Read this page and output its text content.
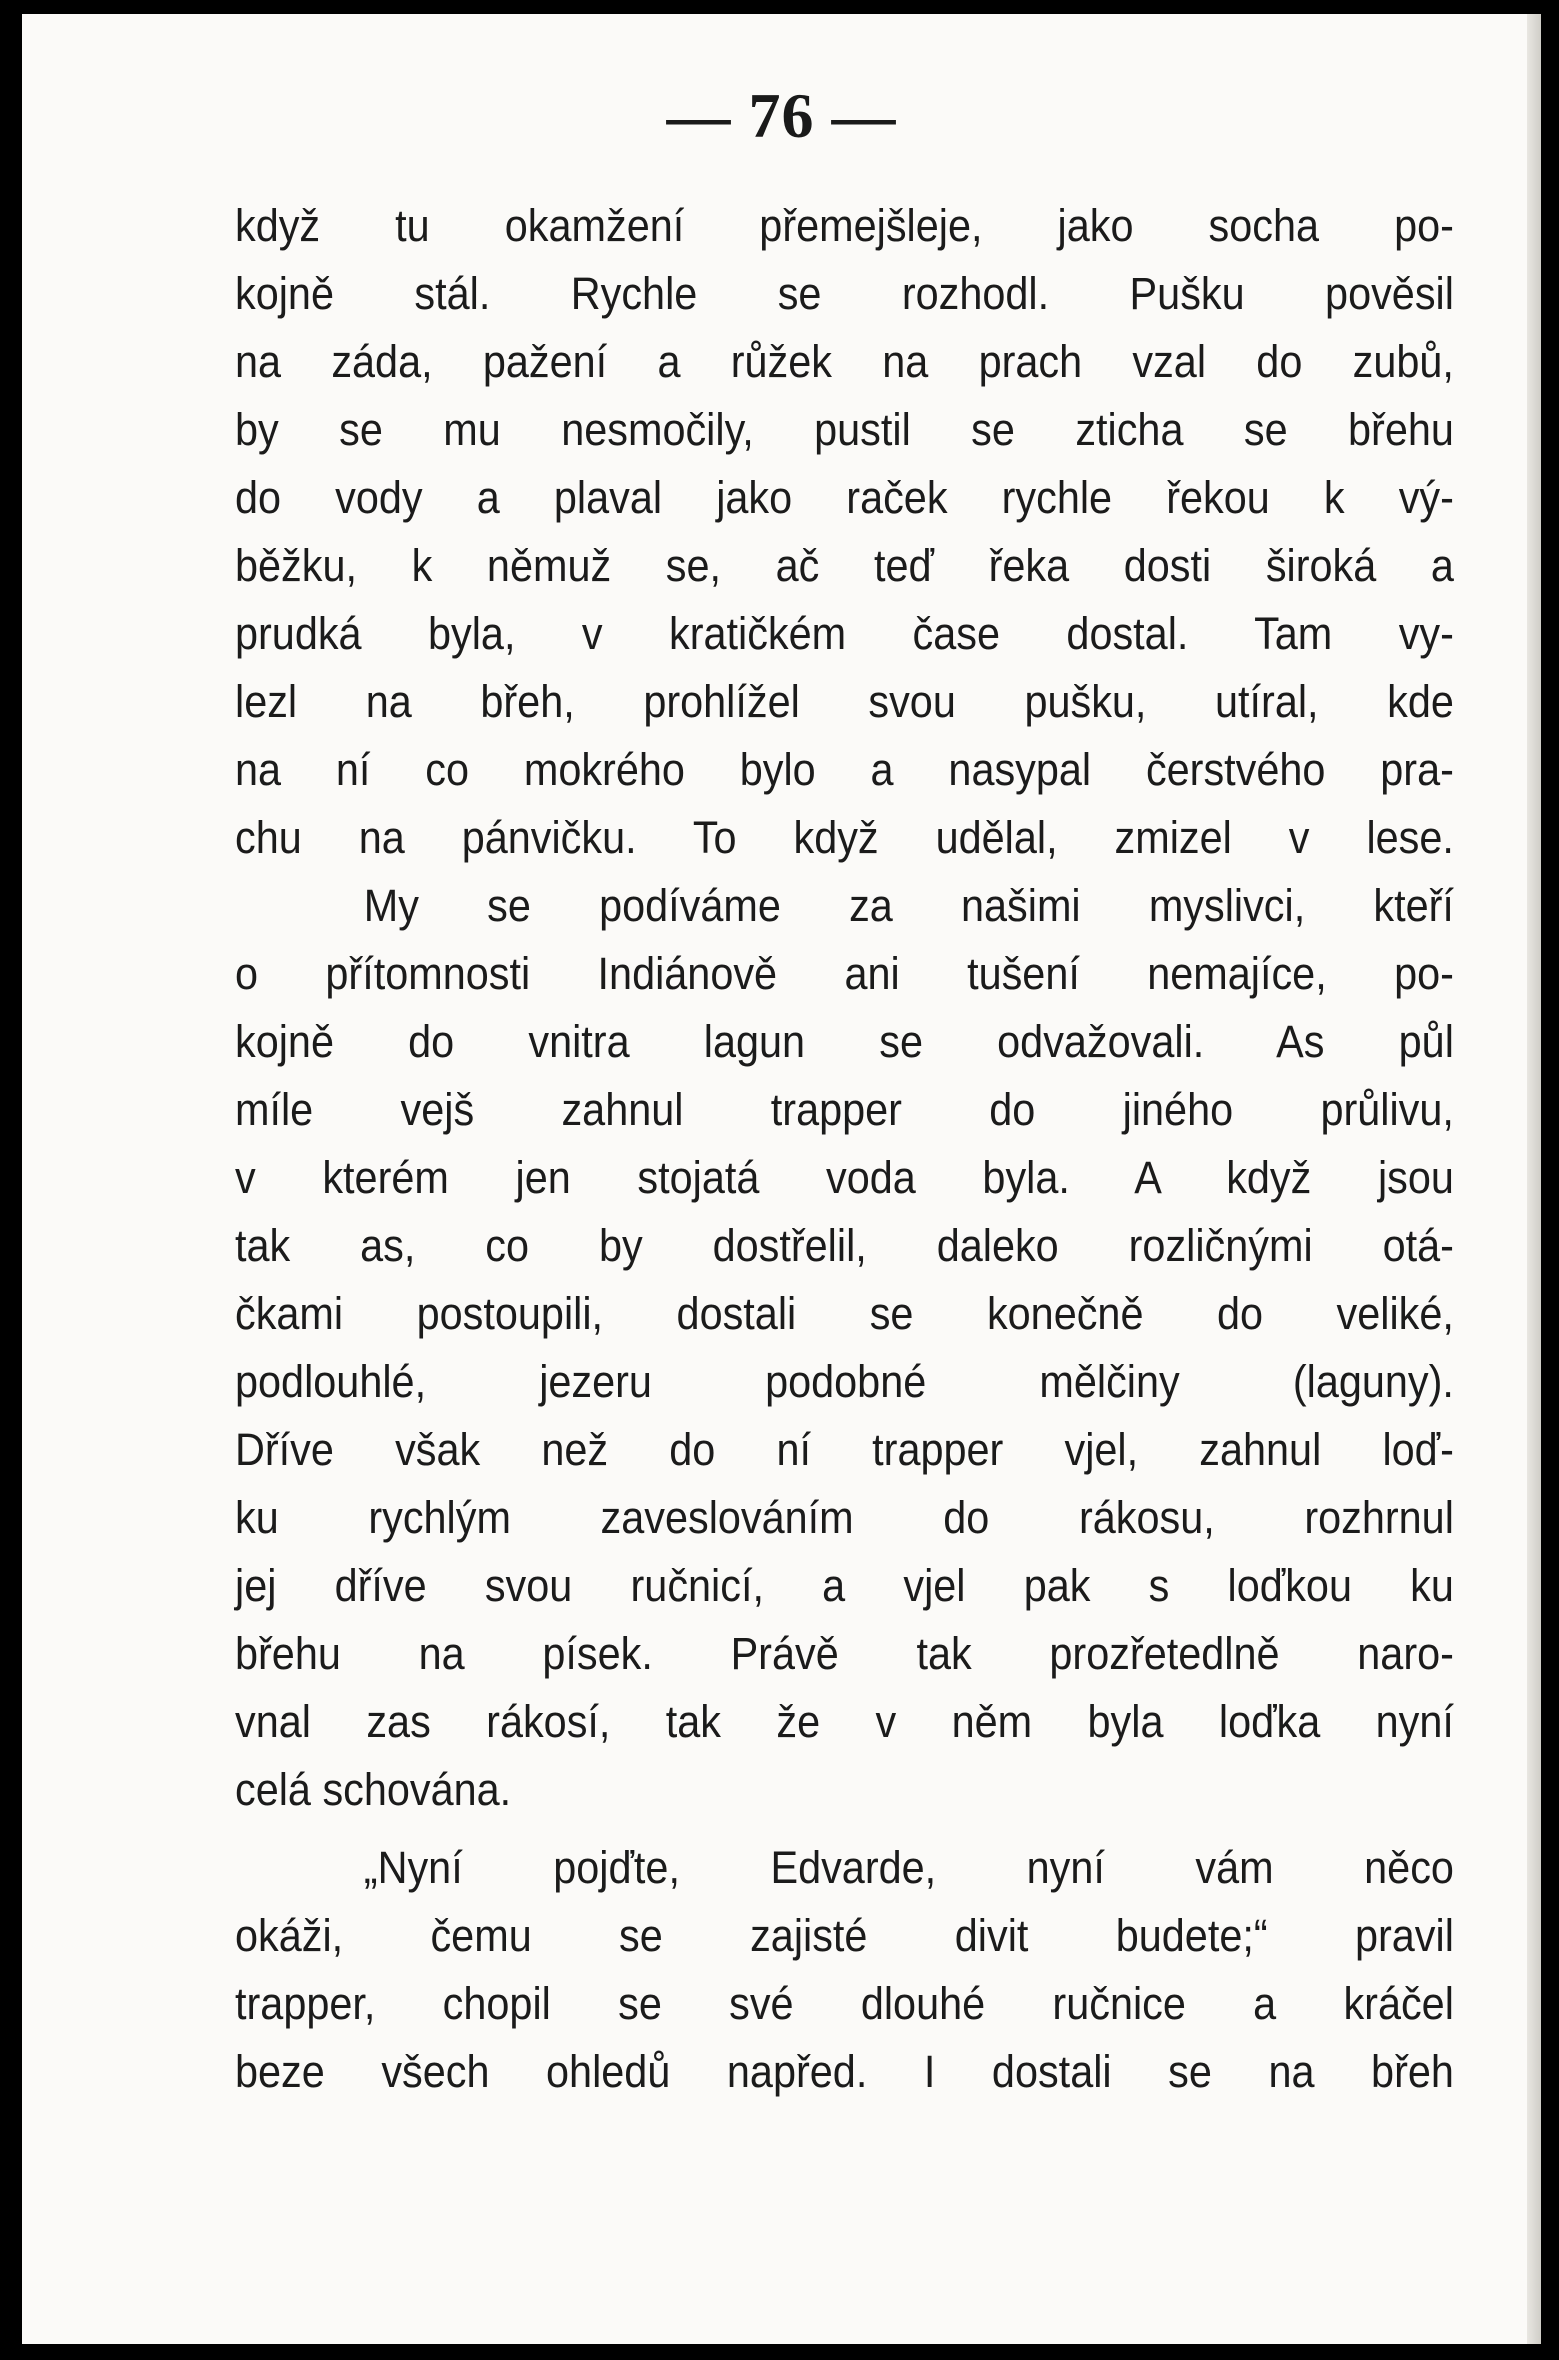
— 76 —
když tu okamžení přemejšleje, jako socha po-
kojně stál. Rychle se rozhodl. Pušku pověsil
na záda, pažení a růžek na prach vzal do zubů,
by se mu nesmočily, pustil se zticha se břehu
do vody a plaval jako raček rychle řekou k vý-
běžku, k němuž se, ač teď řeka dosti široká a
prudká byla, v kratičkém čase dostal. Tam vy-
lezl na břeh, prohlížel svou pušku, utíral, kde
na ní co mokrého bylo a nasypal čerstvého pra-
chu na pánvičku. To když udělal, zmizel v lese.
My se podíváme za našimi myslivci, kteří
o přítomnosti Indiánově ani tušení nemajíce, po-
kojně do vnitra lagun se odvažovali. As půl
míle vejš zahnul trapper do jiného průlivu,
v kterém jen stojatá voda byla. A když jsou
tak as, co by dostřelil, daleko rozličnými otá-
čkami postoupili, dostali se konečně do veliké,
podlouhlé, jezeru podobné mělčiny (laguny).
Dříve však než do ní trapper vjel, zahnul loď-
ku rychlým zaveslováním do rákosu, rozhrnul
jej dříve svou ručnicí, a vjel pak s loďkou ku
břehu na písek. Právě tak prozřetedlně naro-
vnal zas rákosí, tak že v něm byla loďka nyní
celá schována.
„Nyní pojďte, Edvarde, nyní vám něco
okáži, čemu se zajisté divit budete;“ pravil
trapper, chopil se své dlouhé ručnice a kráčel
beze všech ohledů napřed. I dostali se na břeh
